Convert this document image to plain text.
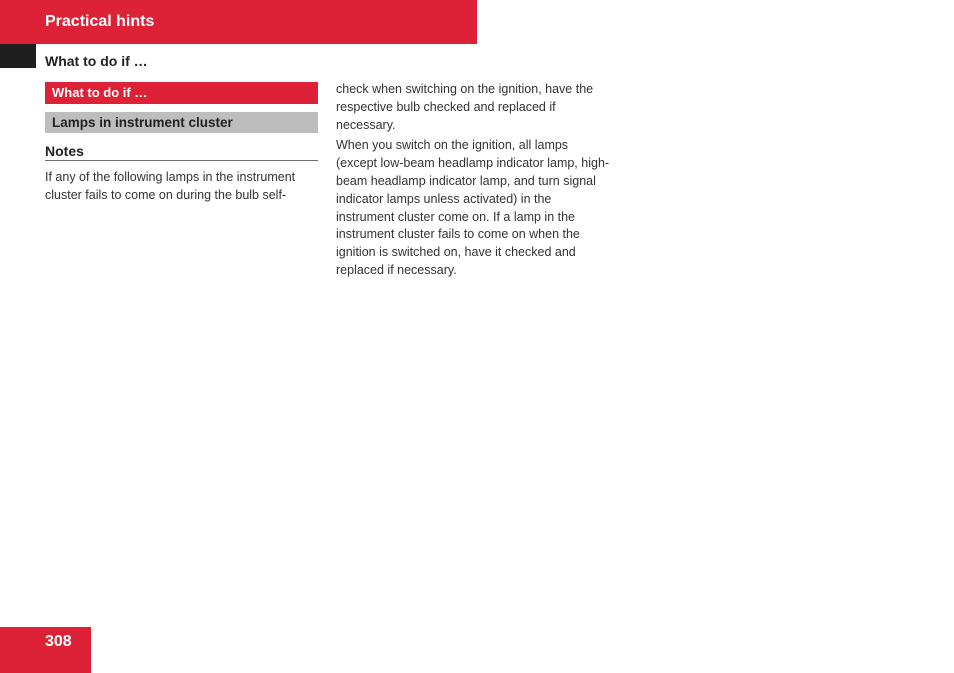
Practical hints
What to do if …
What to do if …
Lamps in instrument cluster
Notes
If any of the following lamps in the instrument cluster fails to come on during the bulb self-

check when switching on the ignition, have the respective bulb checked and replaced if necessary.

When you switch on the ignition, all lamps (except low-beam headlamp indicator lamp, high-beam headlamp indicator lamp, and turn signal indicator lamps unless activated) in the instrument cluster come on. If a lamp in the instrument cluster fails to come on when the ignition is switched on, have it checked and replaced if necessary.

308
